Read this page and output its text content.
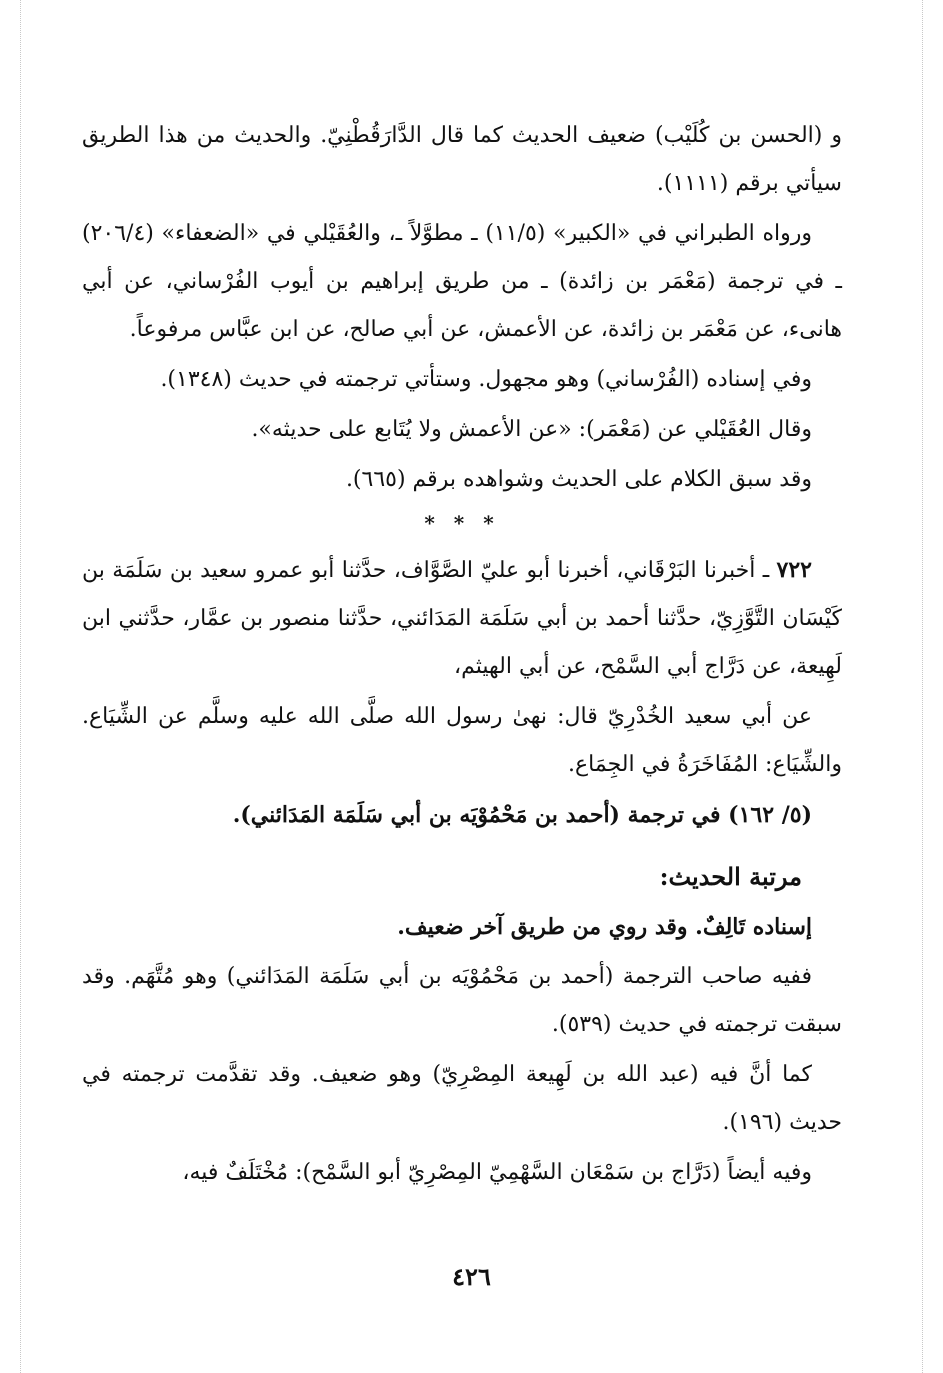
و (الحسن بن كُلَيْب) ضعيف الحديث كما قال الدَّارَقُطْنِيّ. والحديث من هذا الطريق سيأتي برقم (١١١١).

ورواه الطبراني في «الكبير» (١١/٥) ـ مطوَّلاً ـ، والعُقَيْلي في «الضعفاء» (٢٠٦/٤) ـ في ترجمة (مَعْمَر بن زائدة) ـ من طريق إبراهيم بن أيوب الفُرْساني، عن أبي هانىء، عن مَعْمَر بن زائدة، عن الأعمش، عن أبي صالح، عن ابن عبَّاس مرفوعاً.

وفي إسناده (الفُرْساني) وهو مجهول. وستأتي ترجمته في حديث (١٣٤٨).

وقال العُقَيْلي عن (مَعْمَر): «عن الأعمش ولا يُتَابع على حديثه».

وقد سبق الكلام على الحديث وشواهده برقم (٦٦٥).

* * *

٧٢٢ ـ أخبرنا البَرْقَاني، أخبرنا أبو عليّ الصَّوَّاف، حدَّثنا أبو عمرو سعيد بن سَلَمَة بن كَيْسَان التَّوَّزِيّ، حدَّثنا أحمد بن أبي سَلَمَة المَدَائني، حدَّثنا منصور بن عمَّار، حدَّثني ابن لَهِيعة، عن دَرَّاج أبي السَّمْح، عن أبي الهيثم،

عن أبي سعيد الخُدْرِيّ قال: نهىٰ رسول الله صلَّى الله عليه وسلَّم عن الشِّيَاع. والشِّيَاع: المُفَاخَرَةُ في الجِمَاع.

(٥/ ١٦٢) في ترجمة (أحمد بن مَحْمُوْيَه بن أبي سَلَمَة المَدَائني).

مرتبة الحديث:

إسناده تَالِفٌ. وقد روي من طريق آخر ضعيف.

ففيه صاحب الترجمة (أحمد بن مَحْمُوْيَه بن أبي سَلَمَة المَدَائني) وهو مُتَّهَم. وقد سبقت ترجمته في حديث (٥٣٩).

كما أنَّ فيه (عبد الله بن لَهِيعة المِصْرِيّ) وهو ضعيف. وقد تقدَّمت ترجمته في حديث (١٩٦).

وفيه أيضاً (دَرَّاج بن سَمْعَان السَّهْمِيّ المِصْرِيّ أبو السَّمْح): مُخْتَلَفٌ فيه،

٤٢٦
